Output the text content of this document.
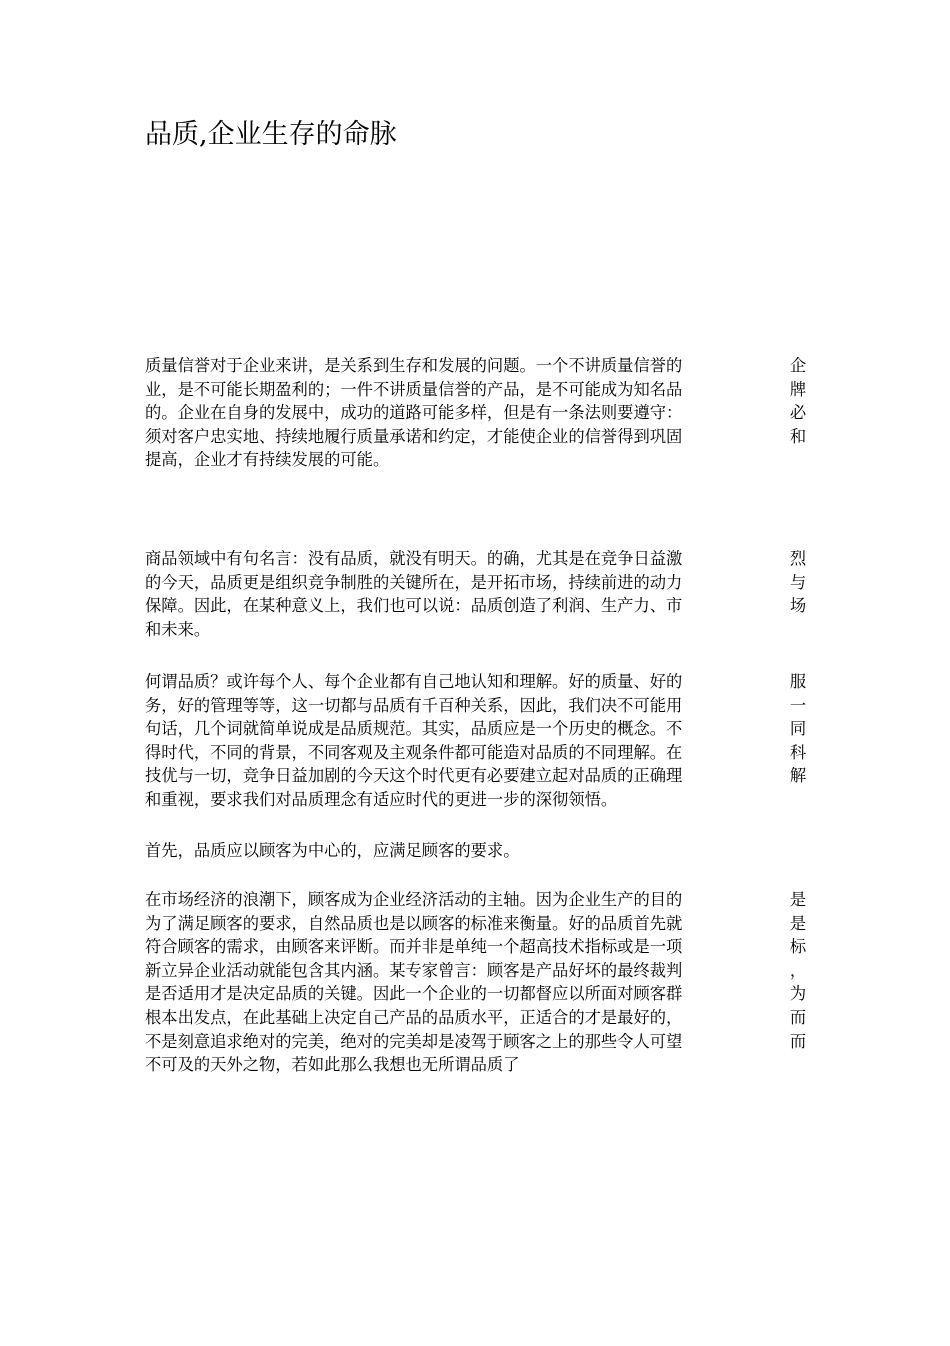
品质,企业生存的命脉
质量信誉对于企业来讲，是关系到生存和发展的问题。一个不讲质量信誉的
业，是不可能长期盈利的；一件不讲质量信誉的产品，是不可能成为知名品
的。企业在自身的发展中，成功的道路可能多样，但是有一条法则要遵守：
须对客户忠实地、持续地履行质量承诺和约定，才能使企业的信誉得到巩固
提高，企业才有持续发展的可能。
企
牌
必
和
商品领域中有句名言：没有品质，就没有明天。的确，尤其是在竞争日益激
的今天，品质更是组织竞争制胜的关键所在，是开拓市场，持续前进的动力
保障。因此，在某种意义上，我们也可以说：品质创造了利润、生产力、市
和未来。
烈
与
场
何谓品质？或许每个人、每个企业都有自己地认知和理解。好的质量、好的
务，好的管理等等，这一切都与品质有千百种关系，因此，我们决不可能用
句话，几个词就简单说成是品质规范。其实，品质应是一个历史的概念。不
得时代，不同的背景，不同客观及主观条件都可能造对品质的不同理解。在
技优与一切，竞争日益加剧的今天这个时代更有必要建立起对品质的正确理
和重视，要求我们对品质理念有适应时代的更进一步的深彻领悟。
服
一
同
科
解
首先，品质应以顾客为中心的，应满足顾客的要求。
在市场经济的浪潮下，顾客成为企业经济活动的主轴。因为企业生产的目的
为了满足顾客的要求，自然品质也是以顾客的标准来衡量。好的品质首先就
符合顾客的需求，由顾客来评断。而并非是单纯一个超高技术指标或是一项
新立异企业活动就能包含其内涵。某专家曾言：顾客是产品好坏的最终裁判
是否适用才是决定品质的关键。因此一个企业的一切都督应以所面对顾客群
根本出发点，在此基础上决定自己产品的品质水平，正适合的才是最好的，
不是刻意追求绝对的完美，绝对的完美却是凌驾于顾客之上的那些令人可望
不可及的天外之物，若如此那么我想也无所谓品质了
是
是
标
，
为
而
而
